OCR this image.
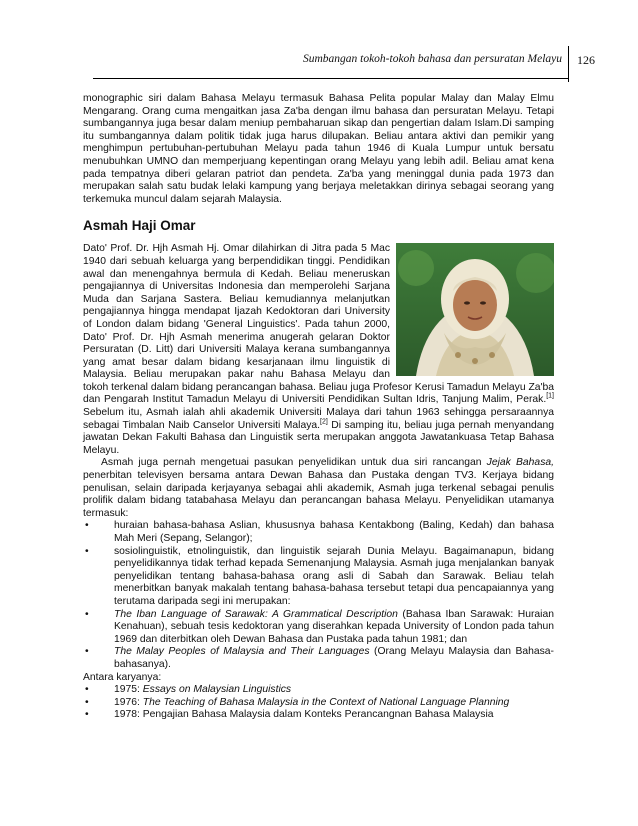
Sumbangan tokoh-tokoh bahasa dan persuratan Melayu 126

monographic siri dalam Bahasa Melayu termasuk Bahasa Pelita popular Malay dan Malay Elmu Mengarang. Orang cuma mengaitkan jasa Za'ba dengan ilmu bahasa dan persuratan Melayu. Tetapi sumbangannya juga besar dalam meniup pembaharuan sikap dan pengertian dalam Islam.Di samping itu sumbangannya dalam politik tidak juga harus dilupakan. Beliau antara aktivi dan pemikir yang menghimpun pertubuhan-pertubuhan Melayu pada tahun 1946 di Kuala Lumpur untuk bersatu menubuhkan UMNO dan memperjuang kepentingan orang Melayu yang lebih adil. Beliau amat kena pada tempatnya diberi gelaran patriot dan pendeta. Za'ba yang meninggal dunia pada 1973 dan merupakan salah satu budak lelaki kampung yang berjaya meletakkan dirinya sebagai seorang yang terkemuka muncul dalam sejarah Malaysia.

Asmah Haji Omar

Dato' Prof. Dr. Hjh Asmah Hj. Omar dilahirkan di Jitra pada 5 Mac 1940 dari sebuah keluarga yang berpendidikan tinggi. Pendidikan awal dan menengahnya bermula di Kedah. Beliau meneruskan pengajiannya di Universitas Indonesia dan memperolehi Sarjana Muda dan Sarjana Sastera. Beliau kemudiannya melanjutkan pengajiannya hingga mendapat Ijazah Kedoktoran dari University of London dalam bidang 'General Linguistics'. Pada tahun 2000, Dato' Prof. Dr. Hjh Asmah menerima anugerah gelaran Doktor Persuratan (D. Litt) dari Universiti Malaya kerana sumbangannya yang amat besar dalam bidang kesarjanaan ilmu linguistik di Malaysia. Beliau merupakan pakar nahu Bahasa Melayu dan tokoh terkenal dalam bidang perancangan bahasa. Beliau juga Profesor Kerusi Tamadun Melayu Za'ba dan Pengarah Institut Tamadun Melayu di Universiti Pendidikan Sultan Idris, Tanjung Malim, Perak.[1] Sebelum itu, Asmah ialah ahli akademik Universiti Malaya dari tahun 1963 sehingga persaraannya sebagai Timbalan Naib Canselor Universiti Malaya.[2] Di samping itu, beliau juga pernah menyandang jawatan Dekan Fakulti Bahasa dan Linguistik serta merupakan anggota Jawatankuasa Tetap Bahasa Melayu.

Asmah juga pernah mengetuai pasukan penyelidikan untuk dua siri rancangan Jejak Bahasa, penerbitan televisyen bersama antara Dewan Bahasa dan Pustaka dengan TV3. Kerjaya bidang penulisan, selain daripada kerjayanya sebagai ahli akademik, Asmah juga terkenal sebagai penulis prolifik dalam bidang tatabahasa Melayu dan perancangan bahasa Melayu. Penyelidikan utamanya termasuk:

• huraian bahasa-bahasa Aslian, khususnya bahasa Kentakbong (Baling, Kedah) dan bahasa Mah Meri (Sepang, Selangor);
• sosiolinguistik, etnolinguistik, dan linguistik sejarah Dunia Melayu. Bagaimanapun, bidang penyelidikannya tidak terhad kepada Semenanjung Malaysia. Asmah juga menjalankan banyak penyelidikan tentang bahasa-bahasa orang asli di Sabah dan Sarawak. Beliau telah menerbitkan banyak makalah tentang bahasa-bahasa tersebut tetapi dua pencapaiannya yang terutama daripada segi ini merupakan:
• The Iban Language of Sarawak: A Grammatical Description (Bahasa Iban Sarawak: Huraian Kenahuan), sebuah tesis kedoktoran yang diserahkan kepada University of London pada tahun 1969 dan diterbitkan oleh Dewan Bahasa dan Pustaka pada tahun 1981; dan
• The Malay Peoples of Malaysia and Their Languages (Orang Melayu Malaysia dan Bahasa-bahasanya).

Antara karyanya:

• 1975: Essays on Malaysian Linguistics
• 1976: The Teaching of Bahasa Malaysia in the Context of National Language Planning
• 1978: Pengajian Bahasa Malaysia dalam Konteks Perancangnan Bahasa Malaysia
